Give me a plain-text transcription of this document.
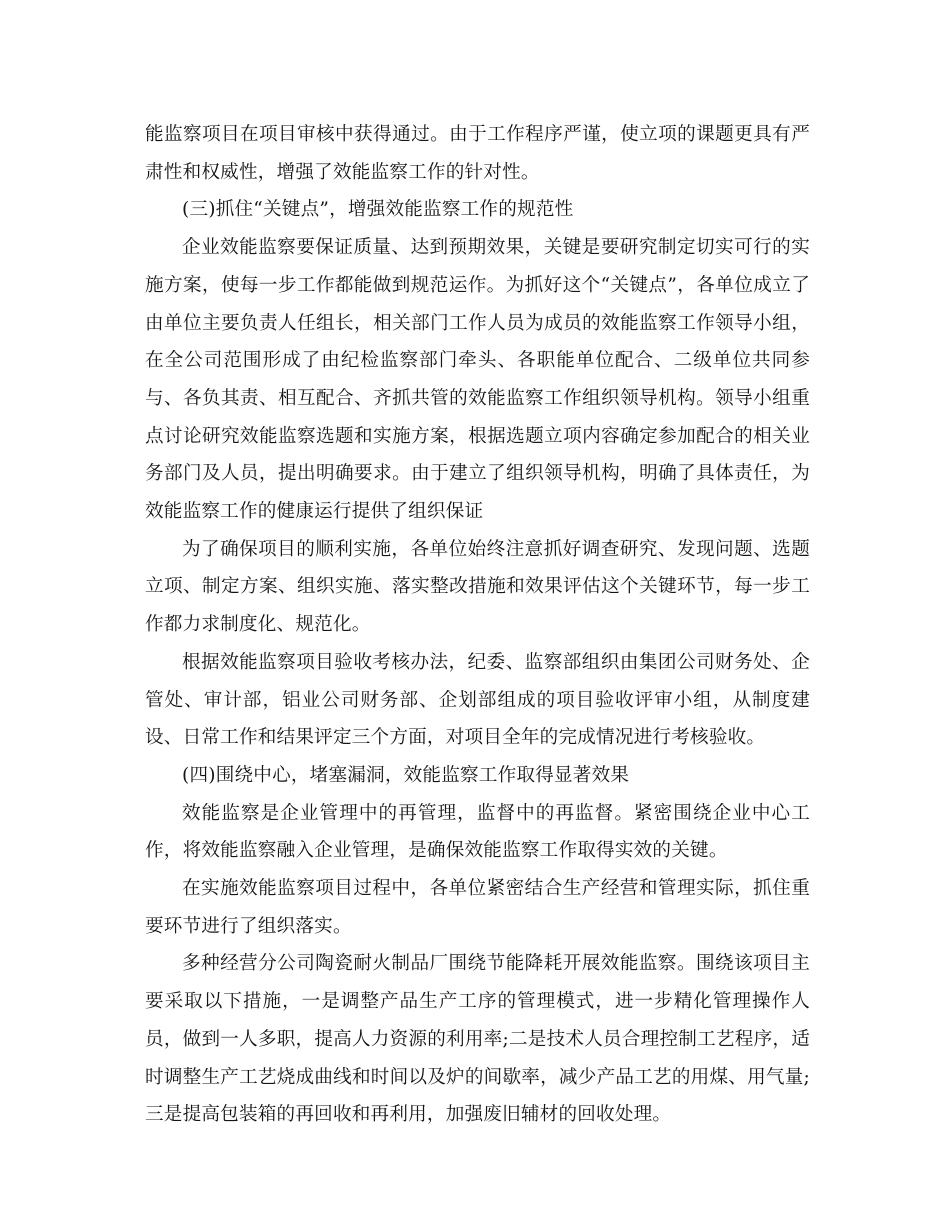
能监察项目在项目审核中获得通过。由于工作程序严谨，使立项的课题更具有严肃性和权威性，增强了效能监察工作的针对性。

(三)抓住“关键点”，增强效能监察工作的规范性

企业效能监察要保证质量、达到预期效果，关键是要研究制定切实可行的实施方案，使每一步工作都能做到规范运作。为抓好这个“关键点”，各单位成立了由单位主要负责人任组长，相关部门工作人员为成员的效能监察工作领导小组，在全公司范围形成了由纪检监察部门牵头、各职能单位配合、二级单位共同参与、各负其责、相互配合、齐抓共管的效能监察工作组织领导机构。领导小组重点讨论研究效能监察选题和实施方案，根据选题立项内容确定参加配合的相关业务部门及人员，提出明确要求。由于建立了组织领导机构，明确了具体责任，为效能监察工作的健康运行提供了组织保证

为了确保项目的顺利实施，各单位始终注意抓好调查研究、发现问题、选题立项、制定方案、组织实施、落实整改措施和效果评估这个关键环节，每一步工作都力求制度化、规范化。

根据效能监察项目验收考核办法，纪委、监察部组织由集团公司财务处、企管处、审计部，铝业公司财务部、企划部组成的项目验收评审小组，从制度建设、日常工作和结果评定三个方面，对项目全年的完成情况进行考核验收。

(四)围绕中心，堵塞漏洞，效能监察工作取得显著效果

效能监察是企业管理中的再管理，监督中的再监督。紧密围绕企业中心工作，将效能监察融入企业管理，是确保效能监察工作取得实效的关键。

在实施效能监察项目过程中，各单位紧密结合生产经营和管理实际，抓住重要环节进行了组织落实。

多种经营分公司陶瓷耐火制品厂围绕节能降耗开展效能监察。围绕该项目主要采取以下措施，一是调整产品生产工序的管理模式，进一步精化管理操作人员，做到一人多职，提高人力资源的利用率;二是技术人员合理控制工艺程序，适时调整生产工艺烧成曲线和时间以及炉的间歇率，减少产品工艺的用煤、用气量;三是提高包装箱的再回收和再利用，加强废旧辅材的回收处理。
